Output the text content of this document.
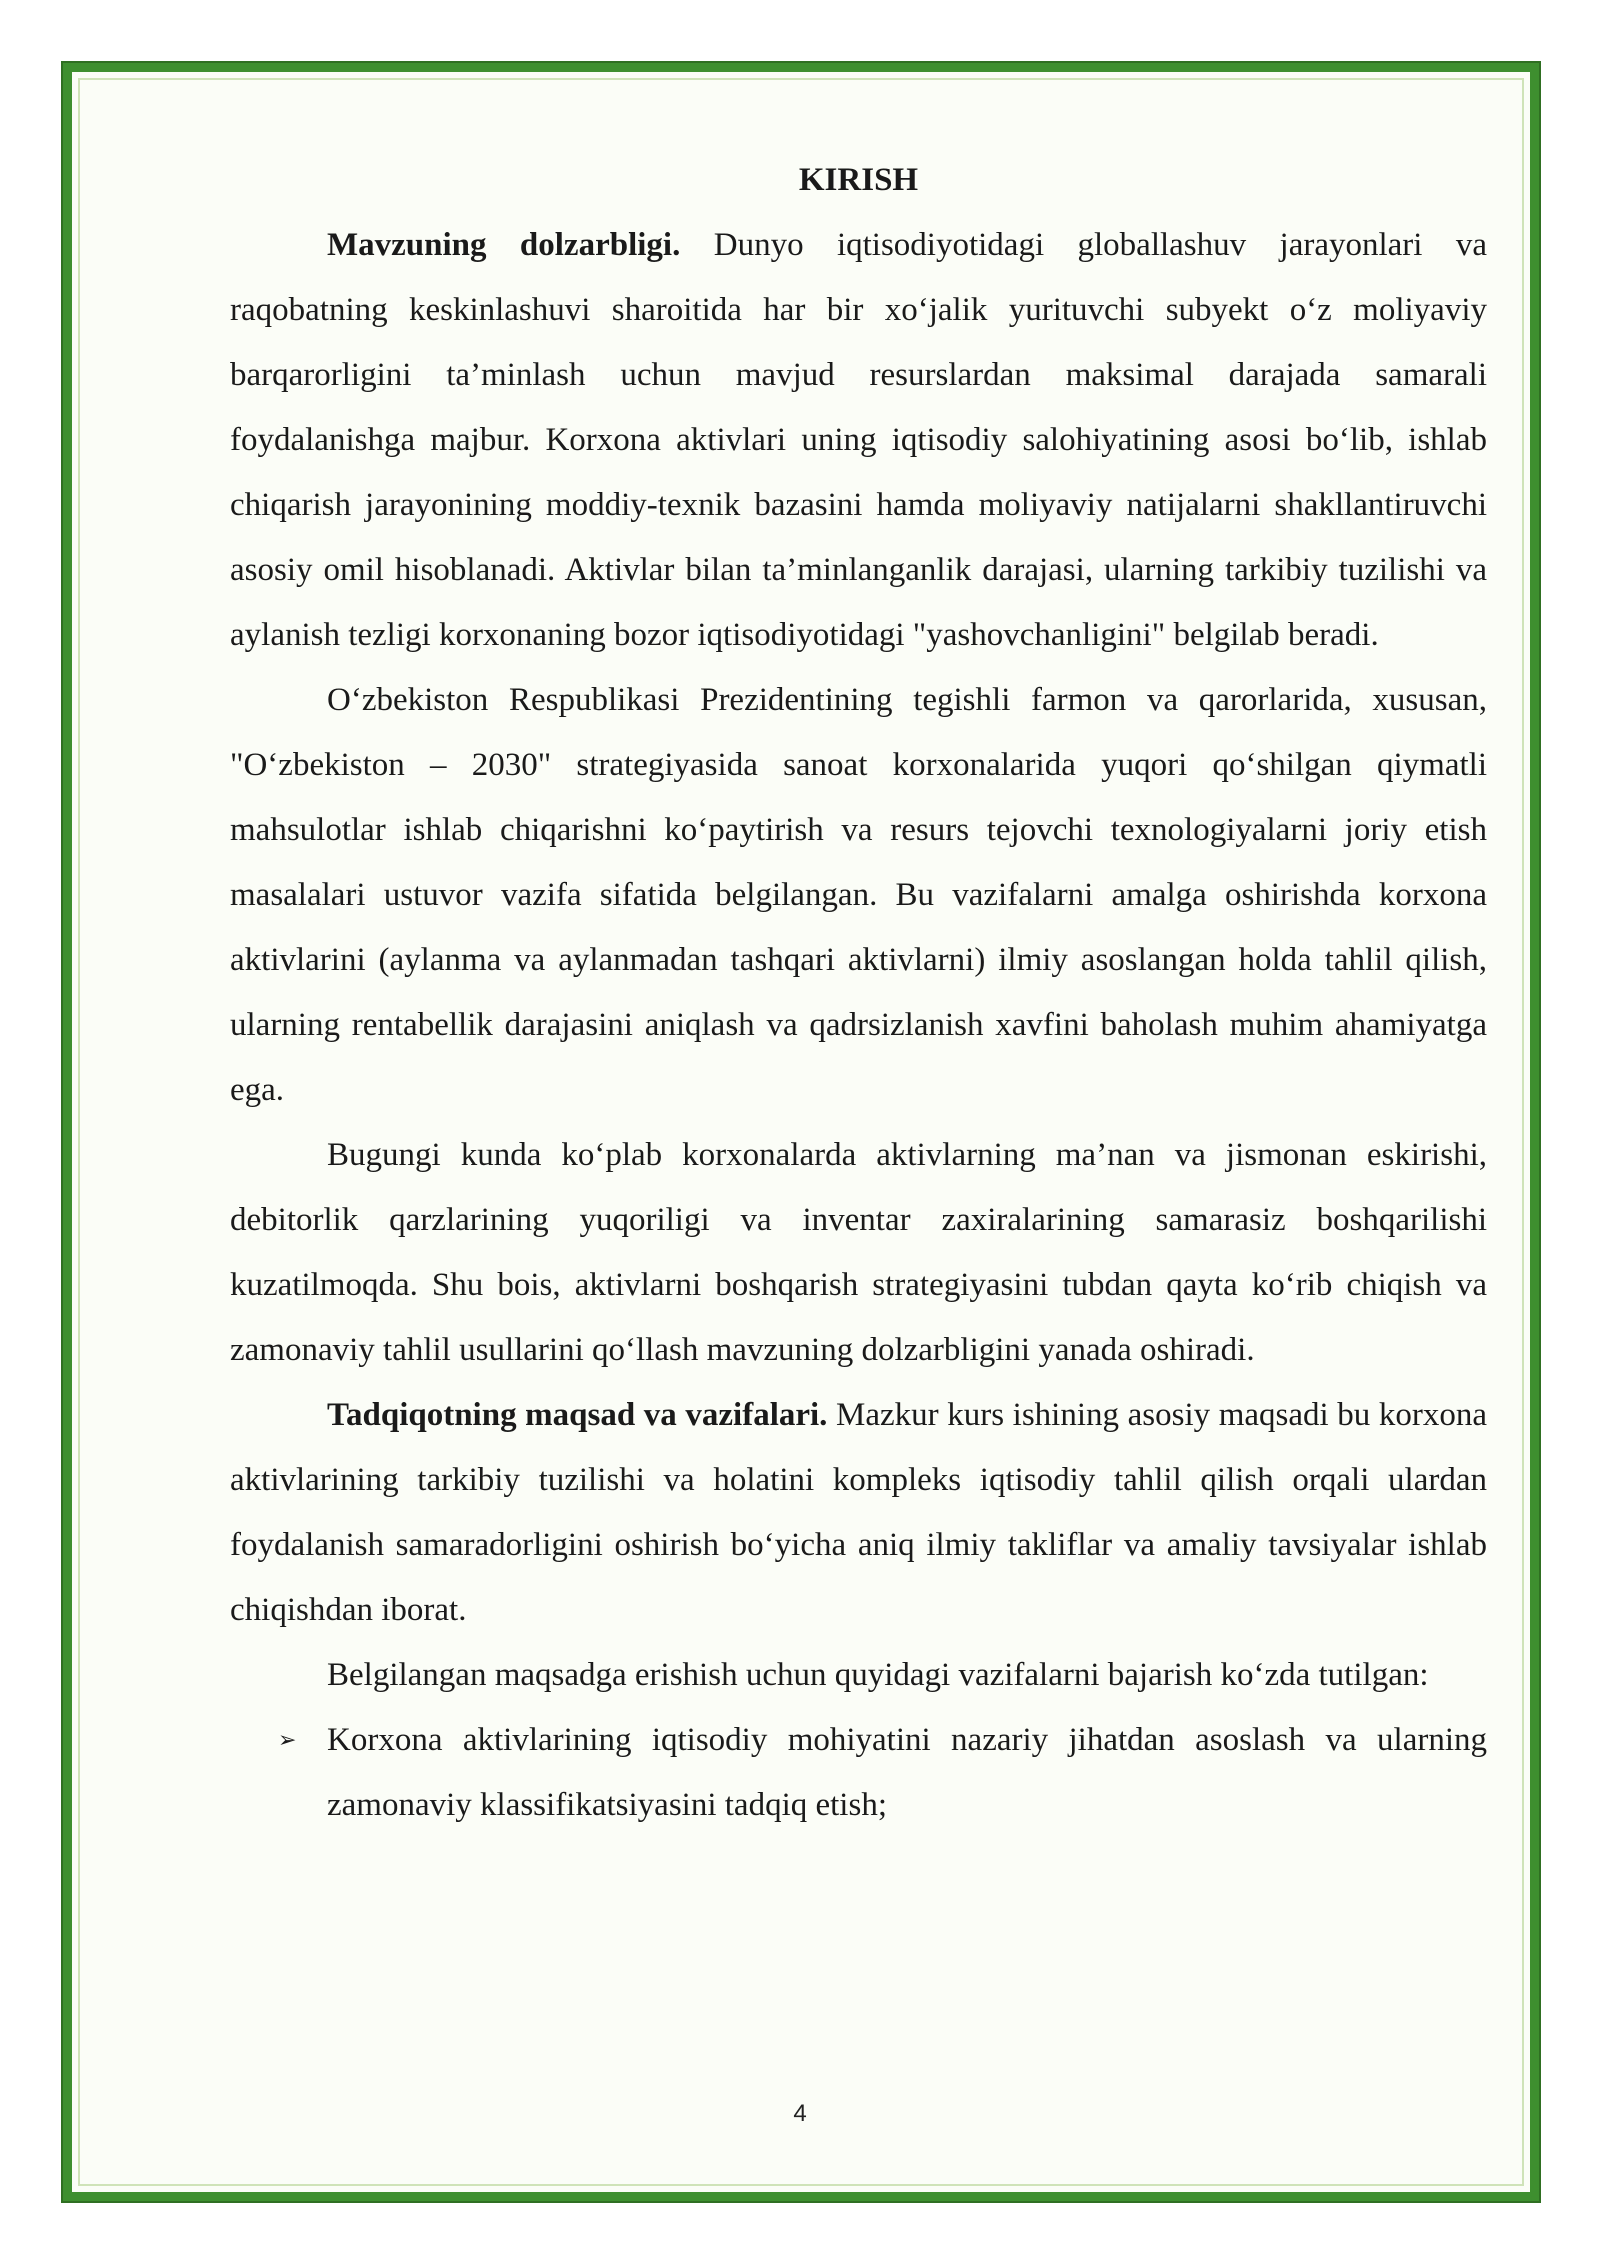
KIRISH

Mavzuning dolzarbligi. Dunyo iqtisodiyotidagi globallashuv jarayonlari va raqobatning keskinlashuvi sharoitida har bir xoʻjalik yurituvchi subyekt oʻz moliyaviy barqarorligini ta’minlash uchun mavjud resurslardan maksimal darajada samarali foydalanishga majbur. Korxona aktivlari uning iqtisodiy salohiyatining asosi boʻlib, ishlab chiqarish jarayonining moddiy-texnik bazasini hamda moliyaviy natijalarni shakllantiruvchi asosiy omil hisoblanadi. Aktivlar bilan ta’minlanganlik darajasi, ularning tarkibiy tuzilishi va aylanish tezligi korxonaning bozor iqtisodiyotidagi "yashovchanligini" belgilab beradi.

Oʻzbekiston Respublikasi Prezidentining tegishli farmon va qarorlarida, xususan, "Oʻzbekiston – 2030" strategiyasida sanoat korxonalarida yuqori qoʻshilgan qiymatli mahsulotlar ishlab chiqarishni koʻpaytirish va resurs tejovchi texnologiyalarni joriy etish masalalari ustuvor vazifa sifatida belgilangan. Bu vazifalarni amalga oshirishda korxona aktivlarini (aylanma va aylanmadan tashqari aktivlarni) ilmiy asoslangan holda tahlil qilish, ularning rentabellik darajasini aniqlash va qadrsizlanish xavfini baholash muhim ahamiyatga ega.

Bugungi kunda koʻplab korxonalarda aktivlarning ma’nan va jismonan eskirishi, debitorlik qarzlarining yuqoriligi va inventar zaxiralarining samarasiz boshqarilishi kuzatilmoqda. Shu bois, aktivlarni boshqarish strategiyasini tubdan qayta koʻrib chiqish va zamonaviy tahlil usullarini qoʻllash mavzuning dolzarbligini yanada oshiradi.

Tadqiqotning maqsad va vazifalari. Mazkur kurs ishining asosiy maqsadi bu korxona aktivlarining tarkibiy tuzilishi va holatini kompleks iqtisodiy tahlil qilish orqali ulardan foydalanish samaradorligini oshirish boʻyicha aniq ilmiy takliflar va amaliy tavsiyalar ishlab chiqishdan iborat.

Belgilangan maqsadga erishish uchun quyidagi vazifalarni bajarish koʻzda tutilgan:

➢ Korxona aktivlarining iqtisodiy mohiyatini nazariy jihatdan asoslash va ularning zamonaviy klassifikatsiyasini tadqiq etish;
4
